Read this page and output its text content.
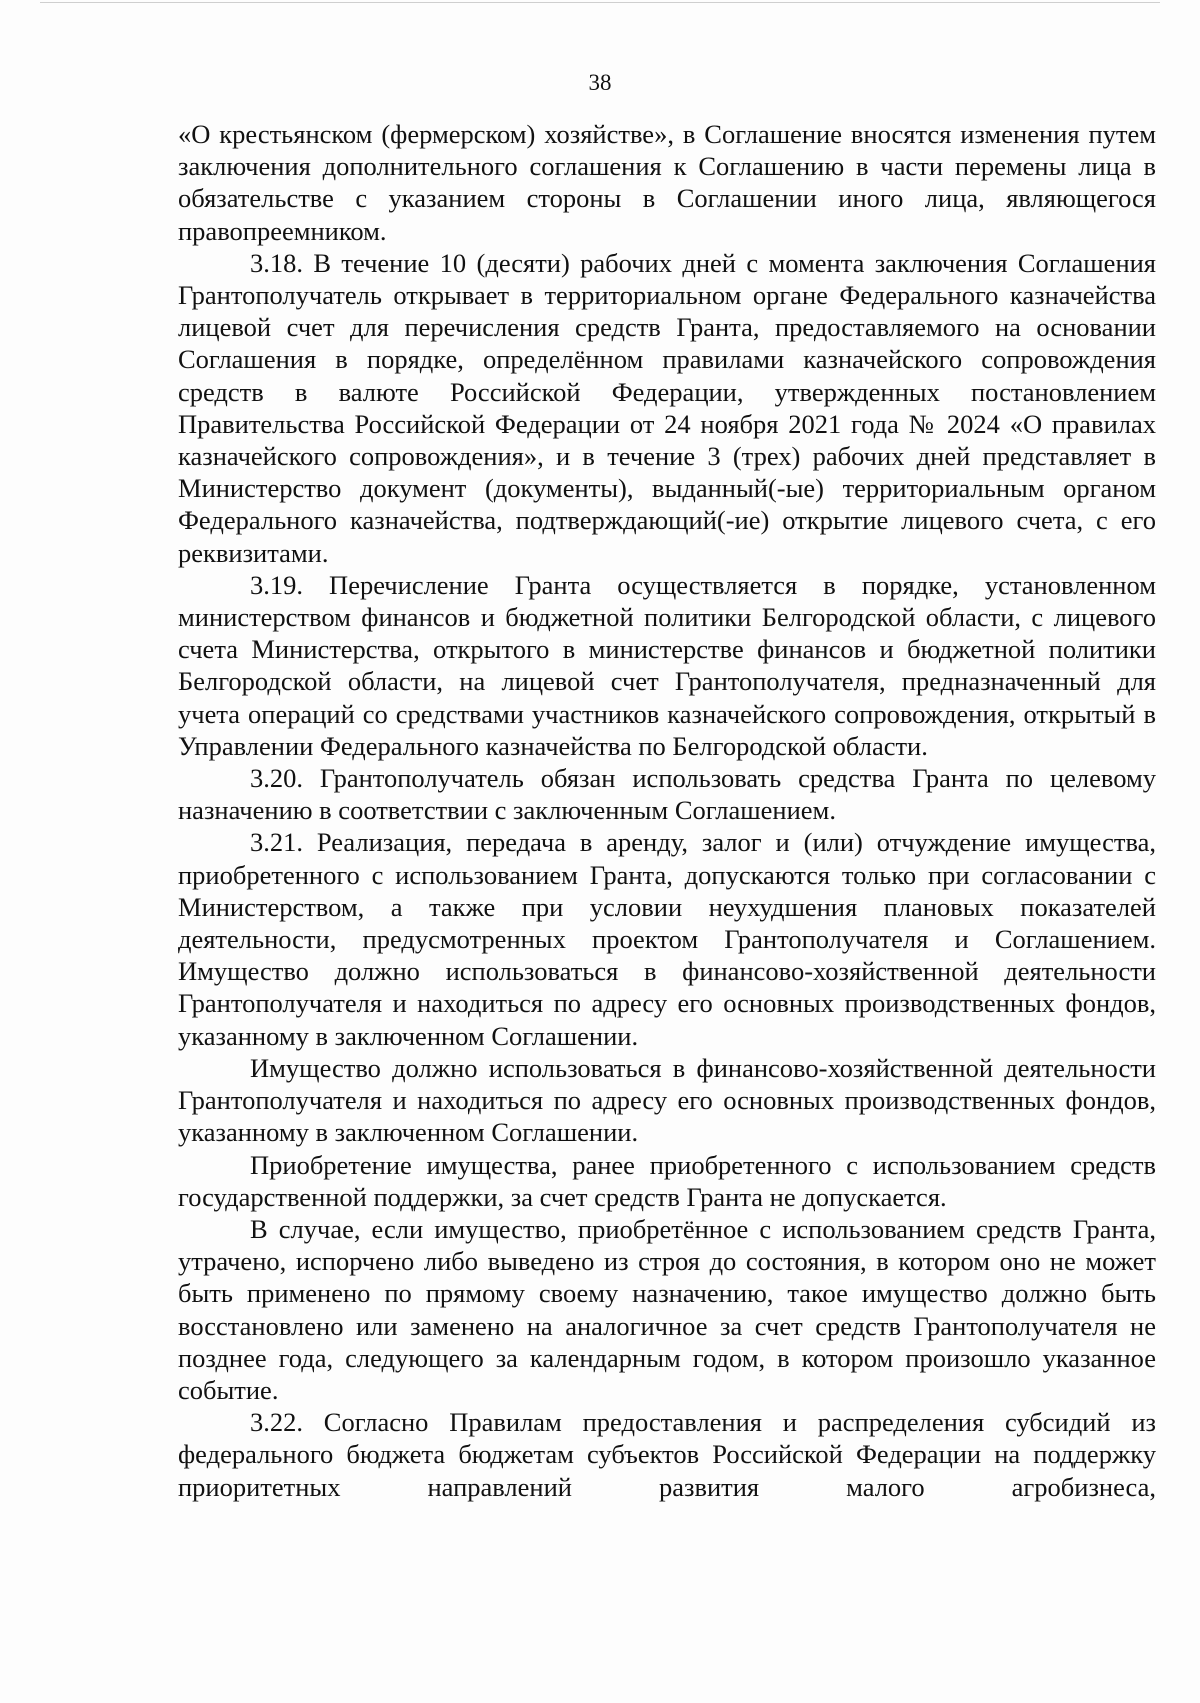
38

«О крестьянском (фермерском) хозяйстве», в Соглашение вносятся изменения путем заключения дополнительного соглашения к Соглашению в части перемены лица в обязательстве с указанием стороны в Соглашении иного лица, являющегося правопреемником.

3.18. В течение 10 (десяти) рабочих дней с момента заключения Соглашения Грантополучатель открывает в территориальном органе Федерального казначейства лицевой счет для перечисления средств Гранта, предоставляемого на основании Соглашения в порядке, определённом правилами казначейского сопровождения средств в валюте Российской Федерации, утвержденных постановлением Правительства Российской Федерации от 24 ноября 2021 года № 2024 «О правилах казначейского сопровождения», и в течение 3 (трех) рабочих дней представляет в Министерство документ (документы), выданный(-ые) территориальным органом Федерального казначейства, подтверждающий(-ие) открытие лицевого счета, с его реквизитами.

3.19. Перечисление Гранта осуществляется в порядке, установленном министерством финансов и бюджетной политики Белгородской области, с лицевого счета Министерства, открытого в министерстве финансов и бюджетной политики Белгородской области, на лицевой счет Грантополучателя, предназначенный для учета операций со средствами участников казначейского сопровождения, открытый в Управлении Федерального казначейства по Белгородской области.

3.20. Грантополучатель обязан использовать средства Гранта по целевому назначению в соответствии с заключенным Соглашением.

3.21. Реализация, передача в аренду, залог и (или) отчуждение имущества, приобретенного с использованием Гранта, допускаются только при согласовании с Министерством, а также при условии неухудшения плановых показателей деятельности, предусмотренных проектом Грантополучателя и Соглашением. Имущество должно использоваться в финансово-хозяйственной деятельности Грантополучателя и находиться по адресу его основных производственных фондов, указанному в заключенном Соглашении.

Имущество должно использоваться в финансово-хозяйственной деятельности Грантополучателя и находиться по адресу его основных производственных фондов, указанному в заключенном Соглашении.

Приобретение имущества, ранее приобретенного с использованием средств государственной поддержки, за счет средств Гранта не допускается.

В случае, если имущество, приобретённое с использованием средств Гранта, утрачено, испорчено либо выведено из строя до состояния, в котором оно не может быть применено по прямому своему назначению, такое имущество должно быть восстановлено или заменено на аналогичное за счет средств Грантополучателя не позднее года, следующего за календарным годом, в котором произошло указанное событие.

3.22. Согласно Правилам предоставления и распределения субсидий из федерального бюджета бюджетам субъектов Российской Федерации на поддержку приоритетных направлений развития малого агробизнеса,
